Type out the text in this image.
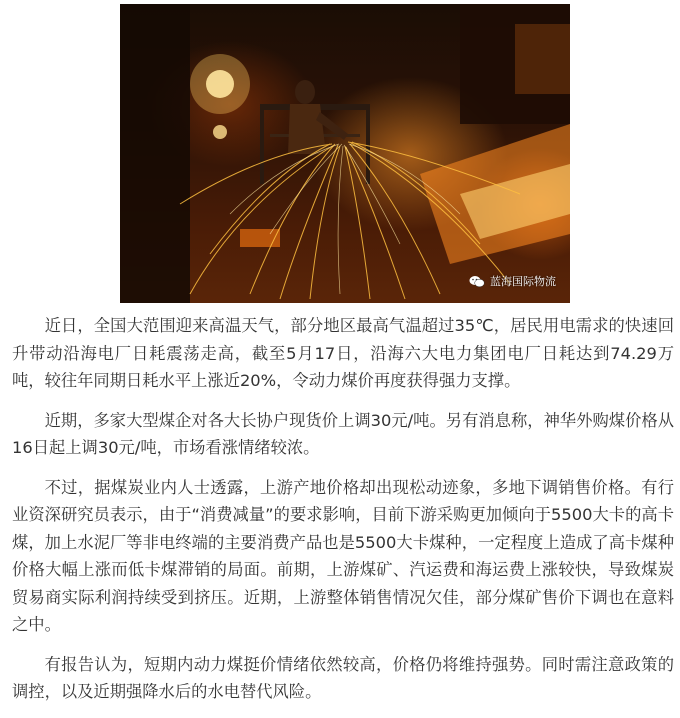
蓝海国际物流

近日，全国大范围迎来高温天气，部分地区最高气温超过35℃，居民用电需求的快速回升带动沿海电厂日耗震荡走高，截至5月17日，沿海六大电力集团电厂日耗达到74.29万吨，较往年同期日耗水平上涨近20%，令动力煤价再度获得强力支撑。

近期，多家大型煤企对各大长协户现货价上调30元/吨。另有消息称，神华外购煤价格从16日起上调30元/吨，市场看涨情绪较浓。

不过，据煤炭业内人士透露，上游产地价格却出现松动迹象，多地下调销售价格。有行业资深研究员表示，由于“消费减量”的要求影响，目前下游采购更加倾向于5500大卡的高卡煤，加上水泥厂等非电终端的主要消费产品也是5500大卡煤种，一定程度上造成了高卡煤种价格大幅上涨而低卡煤滞销的局面。前期，上游煤矿、汽运费和海运费上涨较快，导致煤炭贸易商实际利润持续受到挤压。近期，上游整体销售情况欠佳，部分煤矿售价下调也在意料之中。

有报告认为，短期内动力煤挺价情绪依然较高，价格仍将维持强势。同时需注意政策的调控，以及近期强降水后的水电替代风险。
